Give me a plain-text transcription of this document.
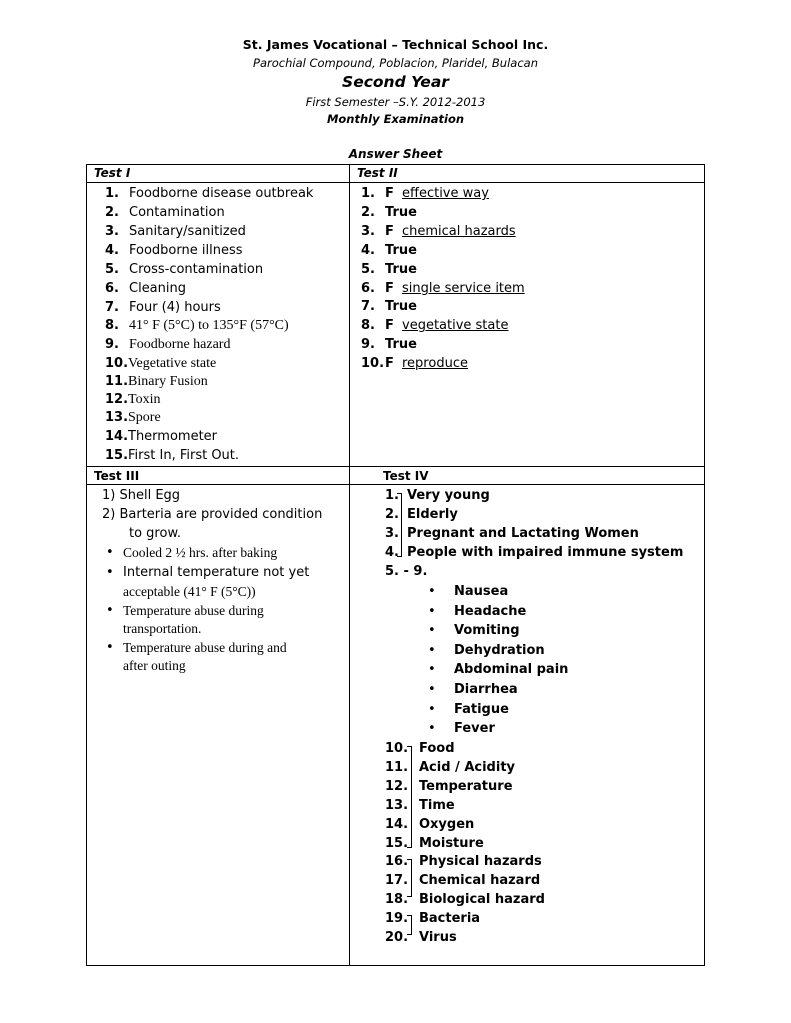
St. James Vocational – Technical School Inc.
Parochial Compound, Poblacion, Plaridel, Bulacan
Second Year
First Semester –S.Y. 2012-2013
Monthly Examination
Answer Sheet
Test I	Test II
Test III	Test IV
1. Foodborne disease outbreak
2. Contamination
3. Sanitary/sanitized
4. Foodborne illness
5. Cross-contamination
6. Cleaning
7. Four (4) hours
8. 41° F (5°C) to 135°F (57°C)
9. Foodborne hazard
10.Vegetative state
11.Binary Fusion
12.Toxin
13.Spore
14.Thermometer
15.First In, First Out.
1. F effective way
2. True
3. F chemical hazards
4. True
5. True
6. F single service item
7. True
8. F vegetative state
9. True
10.F reproduce
1) Shell Egg
2) Barteria are provided condition
to grow.
• Cooled 2 ½ hrs. after baking
• Internal temperature not yet
acceptable (41° F (5°C))
• Temperature abuse during
transportation.
• Temperature abuse during and
after outing
1. Very young
2. Elderly
3. Pregnant and Lactating Women
4. People with impaired immune system
5. - 9.
• Nausea
• Headache
• Vomiting
• Dehydration
• Abdominal pain
• Diarrhea
• Fatigue
• Fever
10. Food
11. Acid / Acidity
12. Temperature
13. Time
14. Oxygen
15. Moisture
16. Physical hazards
17. Chemical hazard
18. Biological hazard
19. Bacteria
20. Virus
